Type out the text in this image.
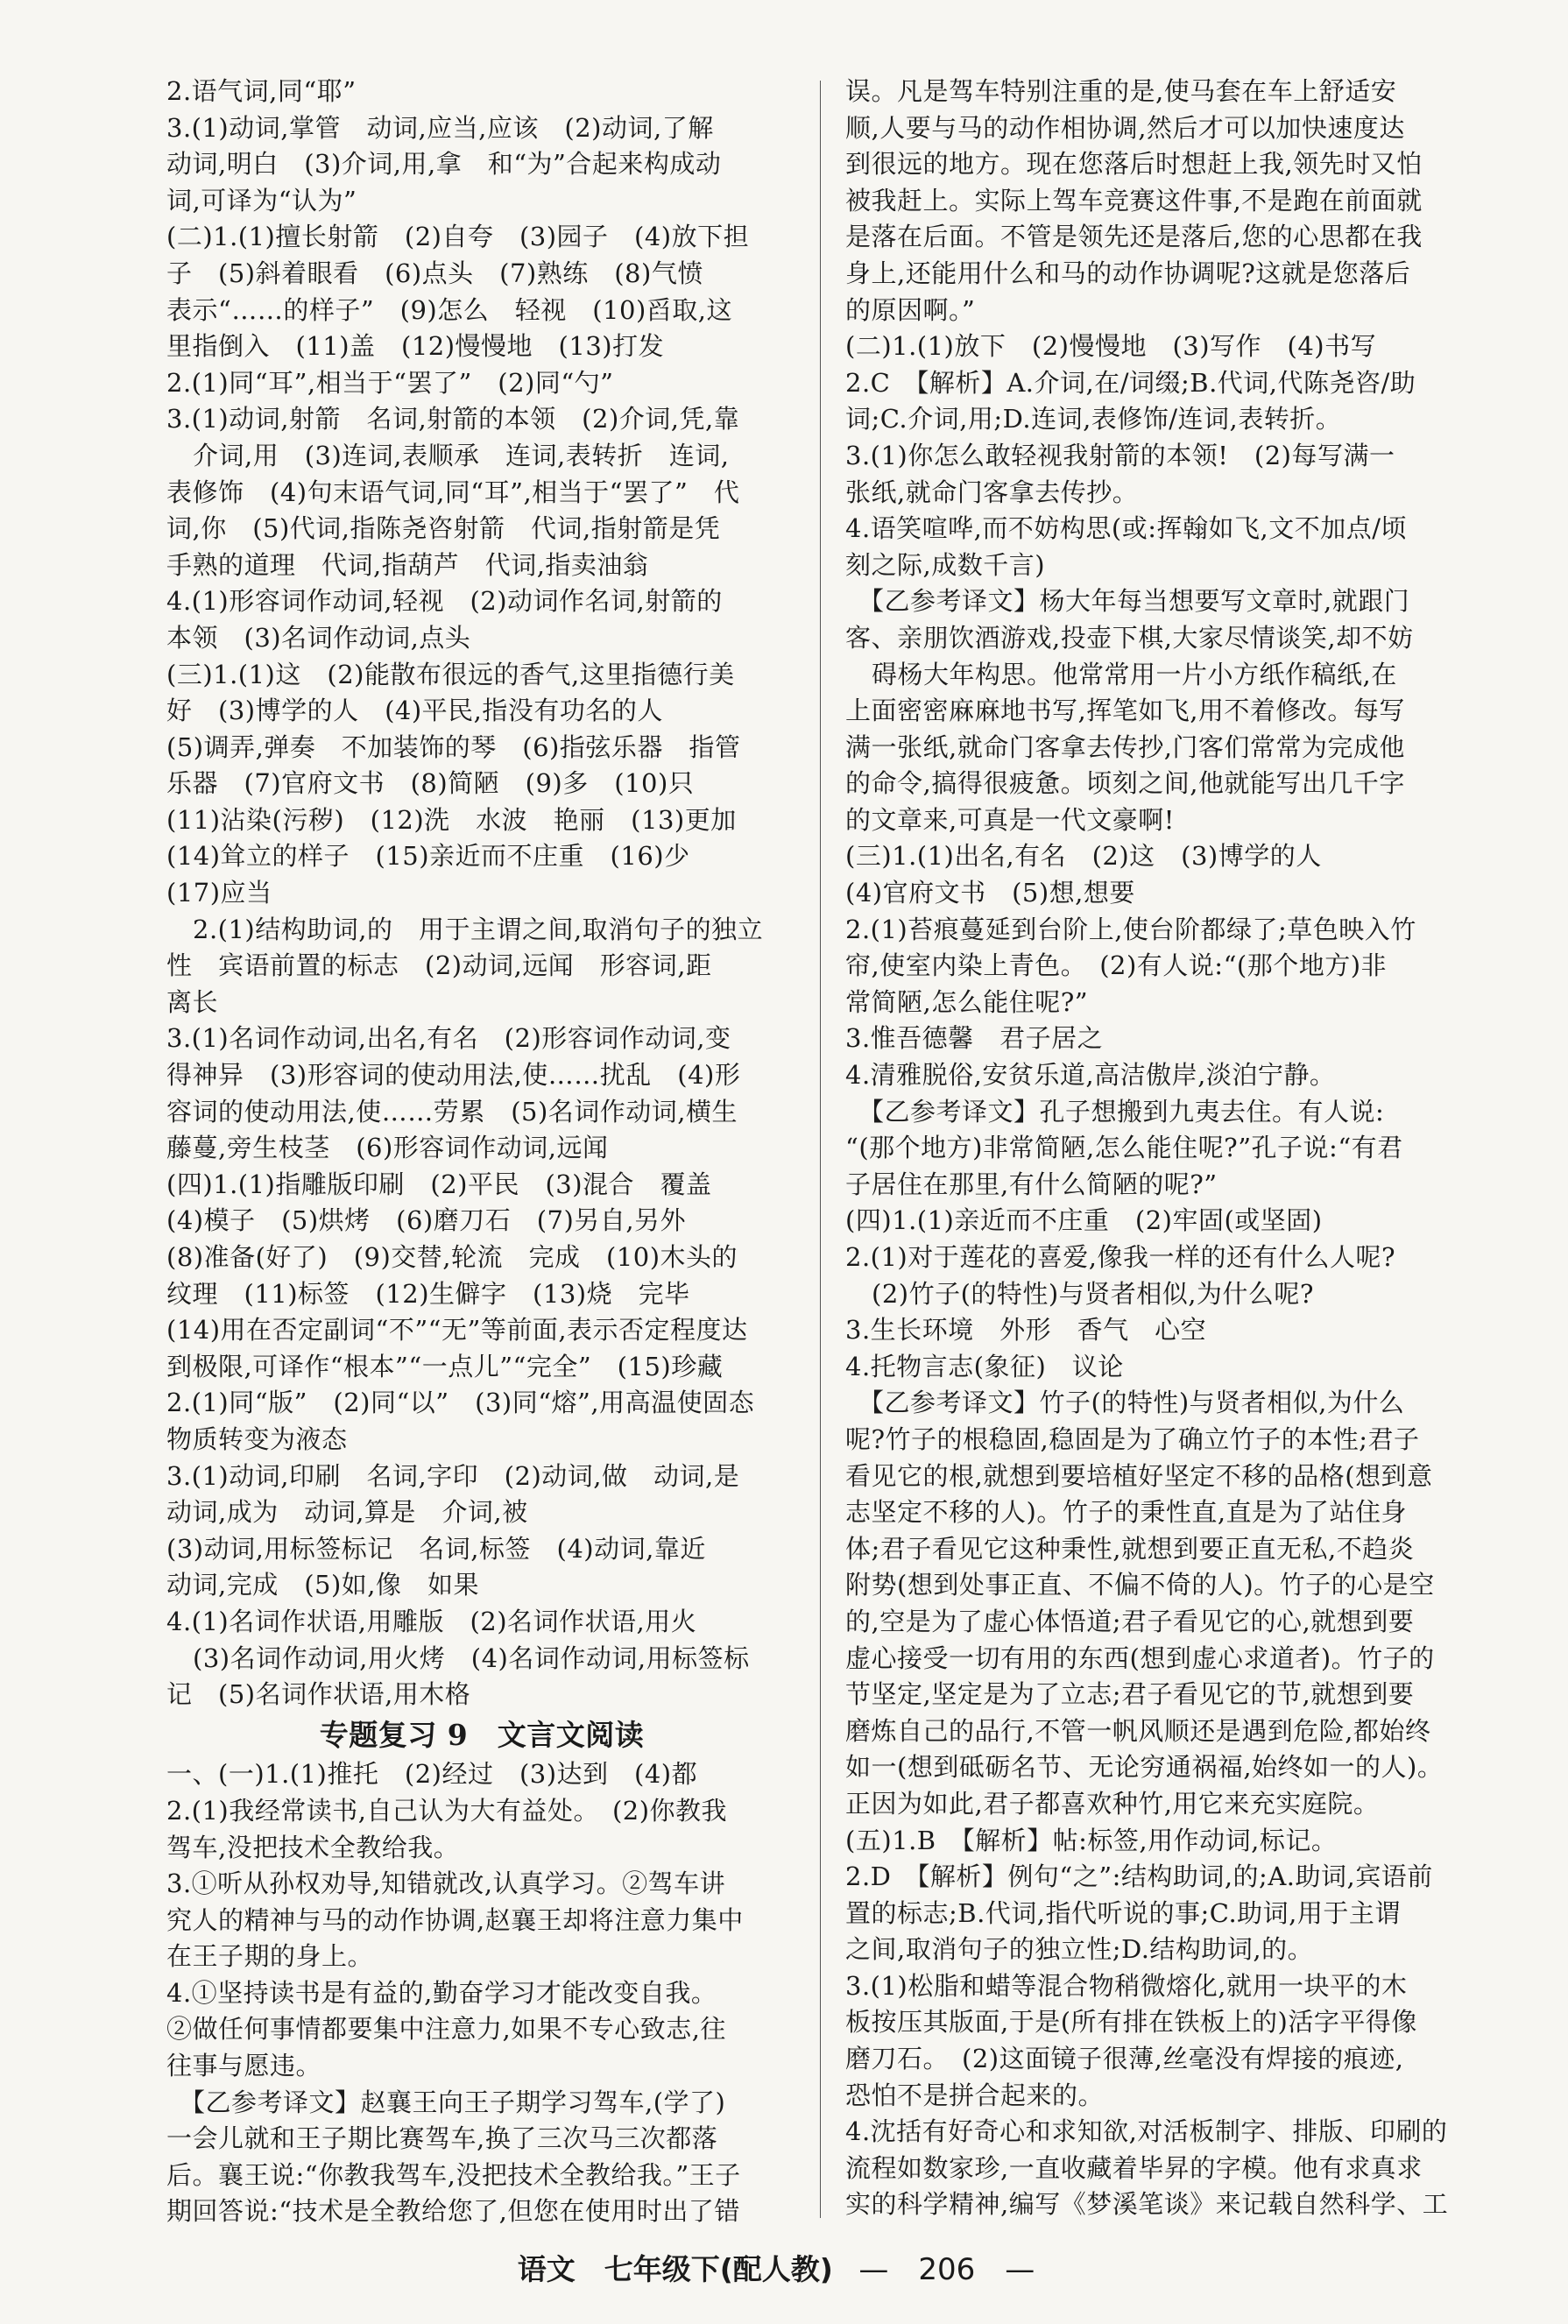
2.语气词,同“耶”
3.(1)动词,掌管　动词,应当,应该　(2)动词,了解
动词,明白　(3)介词,用,拿　和“为”合起来构成动
词,可译为“认为”
(二)1.(1)擅长射箭　(2)自夸　(3)园子　(4)放下担
子　(5)斜着眼看　(6)点头　(7)熟练　(8)气愤
表示“……的样子”　(9)怎么　轻视　(10)舀取,这
里指倒入　(11)盖　(12)慢慢地　(13)打发
2.(1)同“耳”,相当于“罢了”　(2)同“勺”
3.(1)动词,射箭　名词,射箭的本领　(2)介词,凭,靠
介词,用　(3)连词,表顺承　连词,表转折　连词,
表修饰　(4)句末语气词,同“耳”,相当于“罢了”　代
词,你　(5)代词,指陈尧咨射箭　代词,指射箭是凭
手熟的道理　代词,指葫芦　代词,指卖油翁
4.(1)形容词作动词,轻视　(2)动词作名词,射箭的
本领　(3)名词作动词,点头
(三)1.(1)这　(2)能散布很远的香气,这里指德行美
好　(3)博学的人　(4)平民,指没有功名的人
(5)调弄,弹奏　不加装饰的琴　(6)指弦乐器　指管
乐器　(7)官府文书　(8)简陋　(9)多　(10)只
(11)沾染(污秽)　(12)洗　水波　艳丽　(13)更加
(14)耸立的样子　(15)亲近而不庄重　(16)少
(17)应当
2.(1)结构助词,的　用于主谓之间,取消句子的独立
性　宾语前置的标志　(2)动词,远闻　形容词,距
离长
3.(1)名词作动词,出名,有名　(2)形容词作动词,变
得神异　(3)形容词的使动用法,使……扰乱　(4)形
容词的使动用法,使……劳累　(5)名词作动词,横生
藤蔓,旁生枝茎　(6)形容词作动词,远闻
(四)1.(1)指雕版印刷　(2)平民　(3)混合　覆盖
(4)模子　(5)烘烤　(6)磨刀石　(7)另自,另外
(8)准备(好了)　(9)交替,轮流　完成　(10)木头的
纹理　(11)标签　(12)生僻字　(13)烧　完毕
(14)用在否定副词“不”“无”等前面,表示否定程度达
到极限,可译作“根本”“一点儿”“完全”　(15)珍藏
2.(1)同“版”　(2)同“以”　(3)同“熔”,用高温使固态
物质转变为液态
3.(1)动词,印刷　名词,字印　(2)动词,做　动词,是
动词,成为　动词,算是　介词,被
(3)动词,用标签标记　名词,标签　(4)动词,靠近
动词,完成　(5)如,像　如果
4.(1)名词作状语,用雕版　(2)名词作状语,用火
(3)名词作动词,用火烤　(4)名词作动词,用标签标
记　(5)名词作状语,用木格
专题复习 9　文言文阅读
一、(一)1.(1)推托　(2)经过　(3)达到　(4)都
2.(1)我经常读书,自己认为大有益处。　(2)你教我
驾车,没把技术全教给我。
3.①听从孙权劝导,知错就改,认真学习。②驾车讲
究人的精神与马的动作协调,赵襄王却将注意力集中
在王子期的身上。
4.①坚持读书是有益的,勤奋学习才能改变自我。
②做任何事情都要集中注意力,如果不专心致志,往
往事与愿违。
　【乙参考译文】赵襄王向王子期学习驾车,(学了)
一会儿就和王子期比赛驾车,换了三次马三次都落
后。襄王说:“你教我驾车,没把技术全教给我。”王子
期回答说:“技术是全教给您了,但您在使用时出了错
误。凡是驾车特别注重的是,使马套在车上舒适安
顺,人要与马的动作相协调,然后才可以加快速度达
到很远的地方。现在您落后时想赶上我,领先时又怕
被我赶上。实际上驾车竞赛这件事,不是跑在前面就
是落在后面。不管是领先还是落后,您的心思都在我
身上,还能用什么和马的动作协调呢?这就是您落后
的原因啊。”
(二)1.(1)放下　(2)慢慢地　(3)写作　(4)书写
2.C　【解析】A.介词,在/词缀;B.代词,代陈尧咨/助
词;C.介词,用;D.连词,表修饰/连词,表转折。
3.(1)你怎么敢轻视我射箭的本领!　(2)每写满一
张纸,就命门客拿去传抄。
4.语笑喧哗,而不妨构思(或:挥翰如飞,文不加点/顷
刻之际,成数千言)
　【乙参考译文】杨大年每当想要写文章时,就跟门
客、亲朋饮酒游戏,投壶下棋,大家尽情谈笑,却不妨
碍杨大年构思。他常常用一片小方纸作稿纸,在
上面密密麻麻地书写,挥笔如飞,用不着修改。每写
满一张纸,就命门客拿去传抄,门客们常常为完成他
的命令,搞得很疲惫。顷刻之间,他就能写出几千字
的文章来,可真是一代文豪啊!
(三)1.(1)出名,有名　(2)这　(3)博学的人
(4)官府文书　(5)想,想要
2.(1)苔痕蔓延到台阶上,使台阶都绿了;草色映入竹
帘,使室内染上青色。　(2)有人说:“(那个地方)非
常简陋,怎么能住呢?”
3.惟吾德馨　君子居之
4.清雅脱俗,安贫乐道,高洁傲岸,淡泊宁静。
　【乙参考译文】孔子想搬到九夷去住。有人说:
“(那个地方)非常简陋,怎么能住呢?”孔子说:“有君
子居住在那里,有什么简陋的呢?”
(四)1.(1)亲近而不庄重　(2)牢固(或坚固)
2.(1)对于莲花的喜爱,像我一样的还有什么人呢?
(2)竹子(的特性)与贤者相似,为什么呢?
3.生长环境　外形　香气　心空
4.托物言志(象征)　议论
　【乙参考译文】竹子(的特性)与贤者相似,为什么
呢?竹子的根稳固,稳固是为了确立竹子的本性;君子
看见它的根,就想到要培植好坚定不移的品格(想到意
志坚定不移的人)。竹子的秉性直,直是为了站住身
体;君子看见它这种秉性,就想到要正直无私,不趋炎
附势(想到处事正直、不偏不倚的人)。竹子的心是空
的,空是为了虚心体悟道;君子看见它的心,就想到要
虚心接受一切有用的东西(想到虚心求道者)。竹子的
节坚定,坚定是为了立志;君子看见它的节,就想到要
磨炼自己的品行,不管一帆风顺还是遇到危险,都始终
如一(想到砥砺名节、无论穷通祸福,始终如一的人)。
正因为如此,君子都喜欢种竹,用它来充实庭院。
(五)1.B　【解析】帖:标签,用作动词,标记。
2.D　【解析】例句“之”:结构助词,的;A.助词,宾语前
置的标志;B.代词,指代听说的事;C.助词,用于主谓
之间,取消句子的独立性;D.结构助词,的。
3.(1)松脂和蜡等混合物稍微熔化,就用一块平的木
板按压其版面,于是(所有排在铁板上的)活字平得像
磨刀石。　(2)这面镜子很薄,丝毫没有焊接的痕迹,
恐怕不是拼合起来的。
4.沈括有好奇心和求知欲,对活板制字、排版、印刷的
流程如数家珍,一直收藏着毕昇的字模。他有求真求
实的科学精神,编写《梦溪笔谈》来记载自然科学、工
语文　七年级下(配人教) —　206　—
